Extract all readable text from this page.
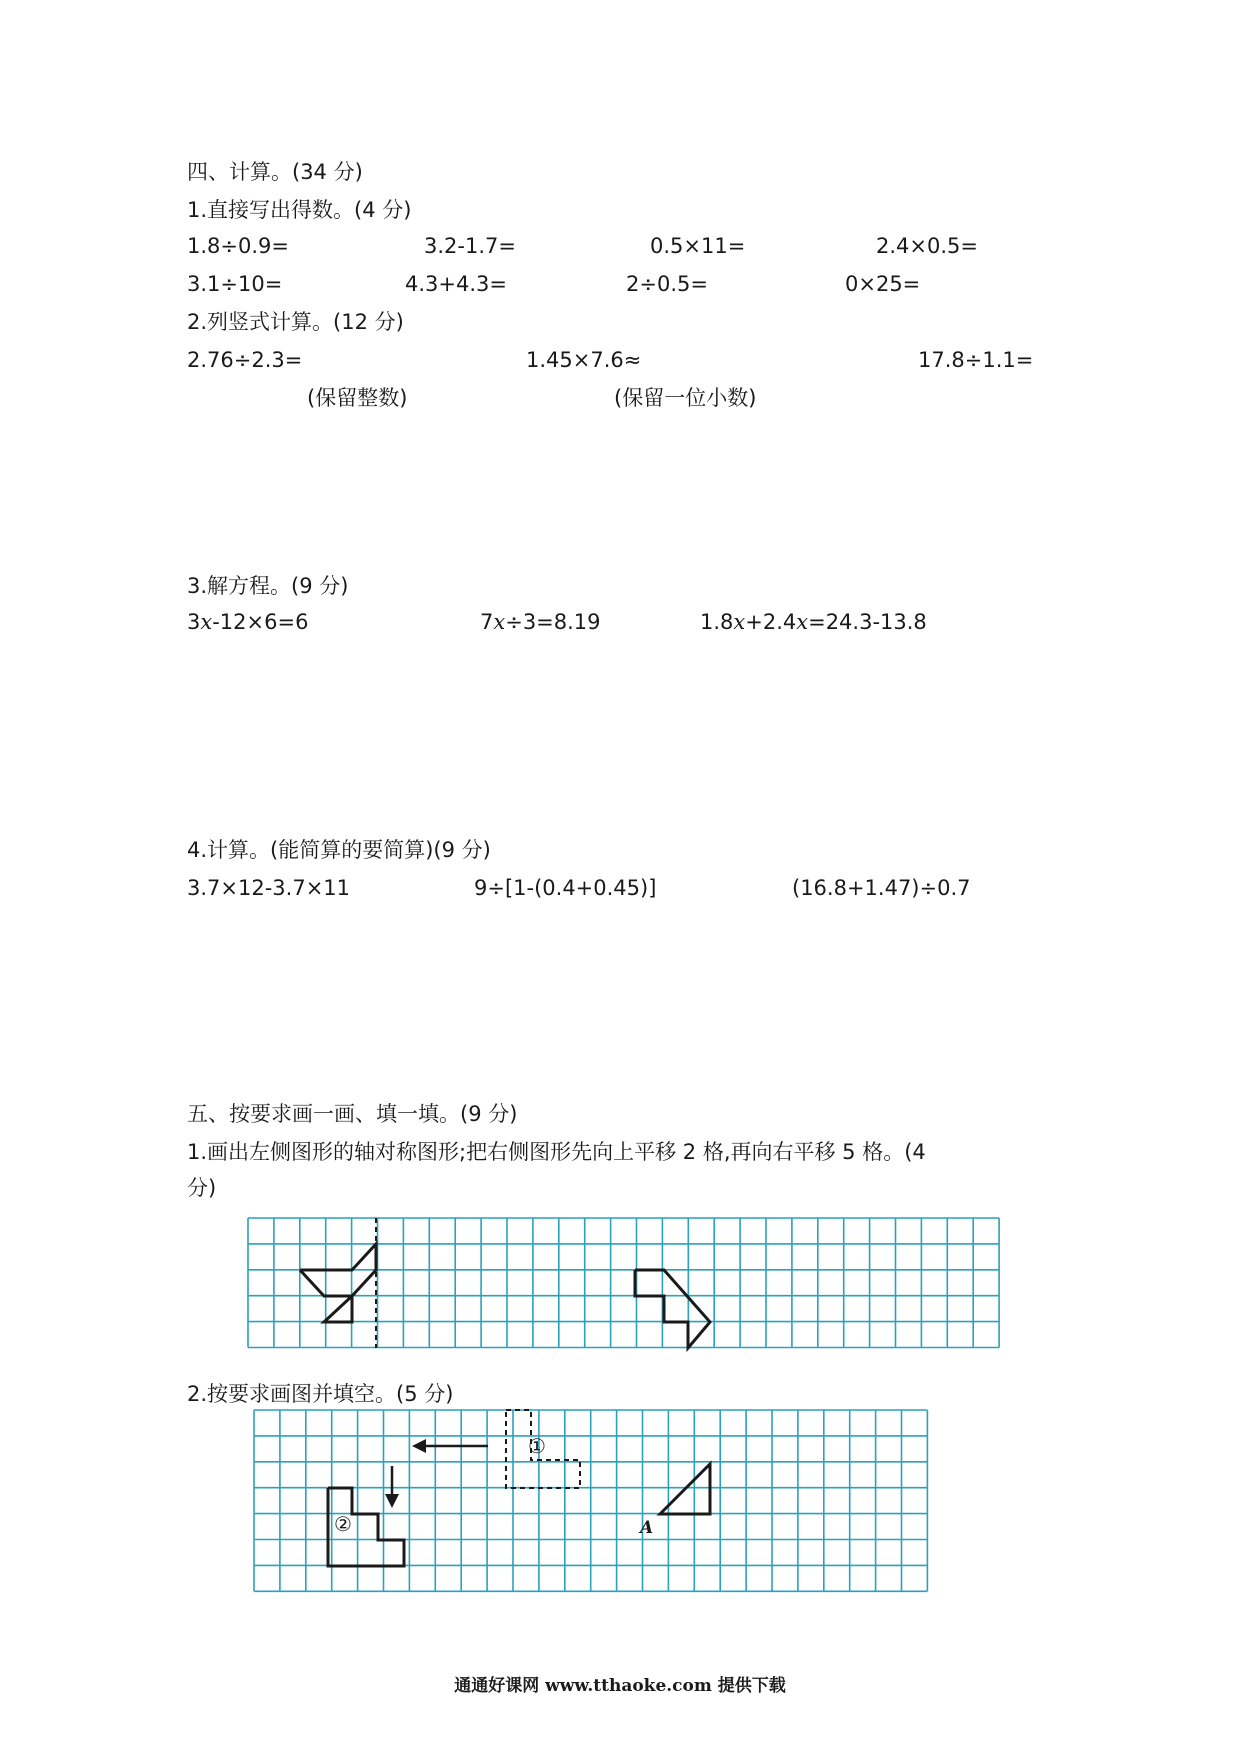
四、计算。(34 分)
1.直接写出得数。(4 分)
1.8÷0.9=	3.2-1.7=	0.5×11=	2.4×0.5=
3.1÷10=	4.3+4.3=	2÷0.5=	0×25=
2.列竖式计算。(12 分)
2.76÷2.3=	1.45×7.6≈	17.8÷1.1=
(保留整数)	(保留一位小数)
3.解方程。(9 分)
3x-12×6=6	7x÷3=8.19	1.8x+2.4x=24.3-13.8
4.计算。(能简算的要简算)(9 分)
3.7×12-3.7×11	9÷[1-(0.4+0.45)]	(16.8+1.47)÷0.7
五、按要求画一画、填一填。(9 分)
1.画出左侧图形的轴对称图形;把右侧图形先向上平移 2 格,再向右平移 5 格。(4
分)
2.按要求画图并填空。(5 分)
①
②	A
通通好课网 www.tthaoke.com 提供下载
